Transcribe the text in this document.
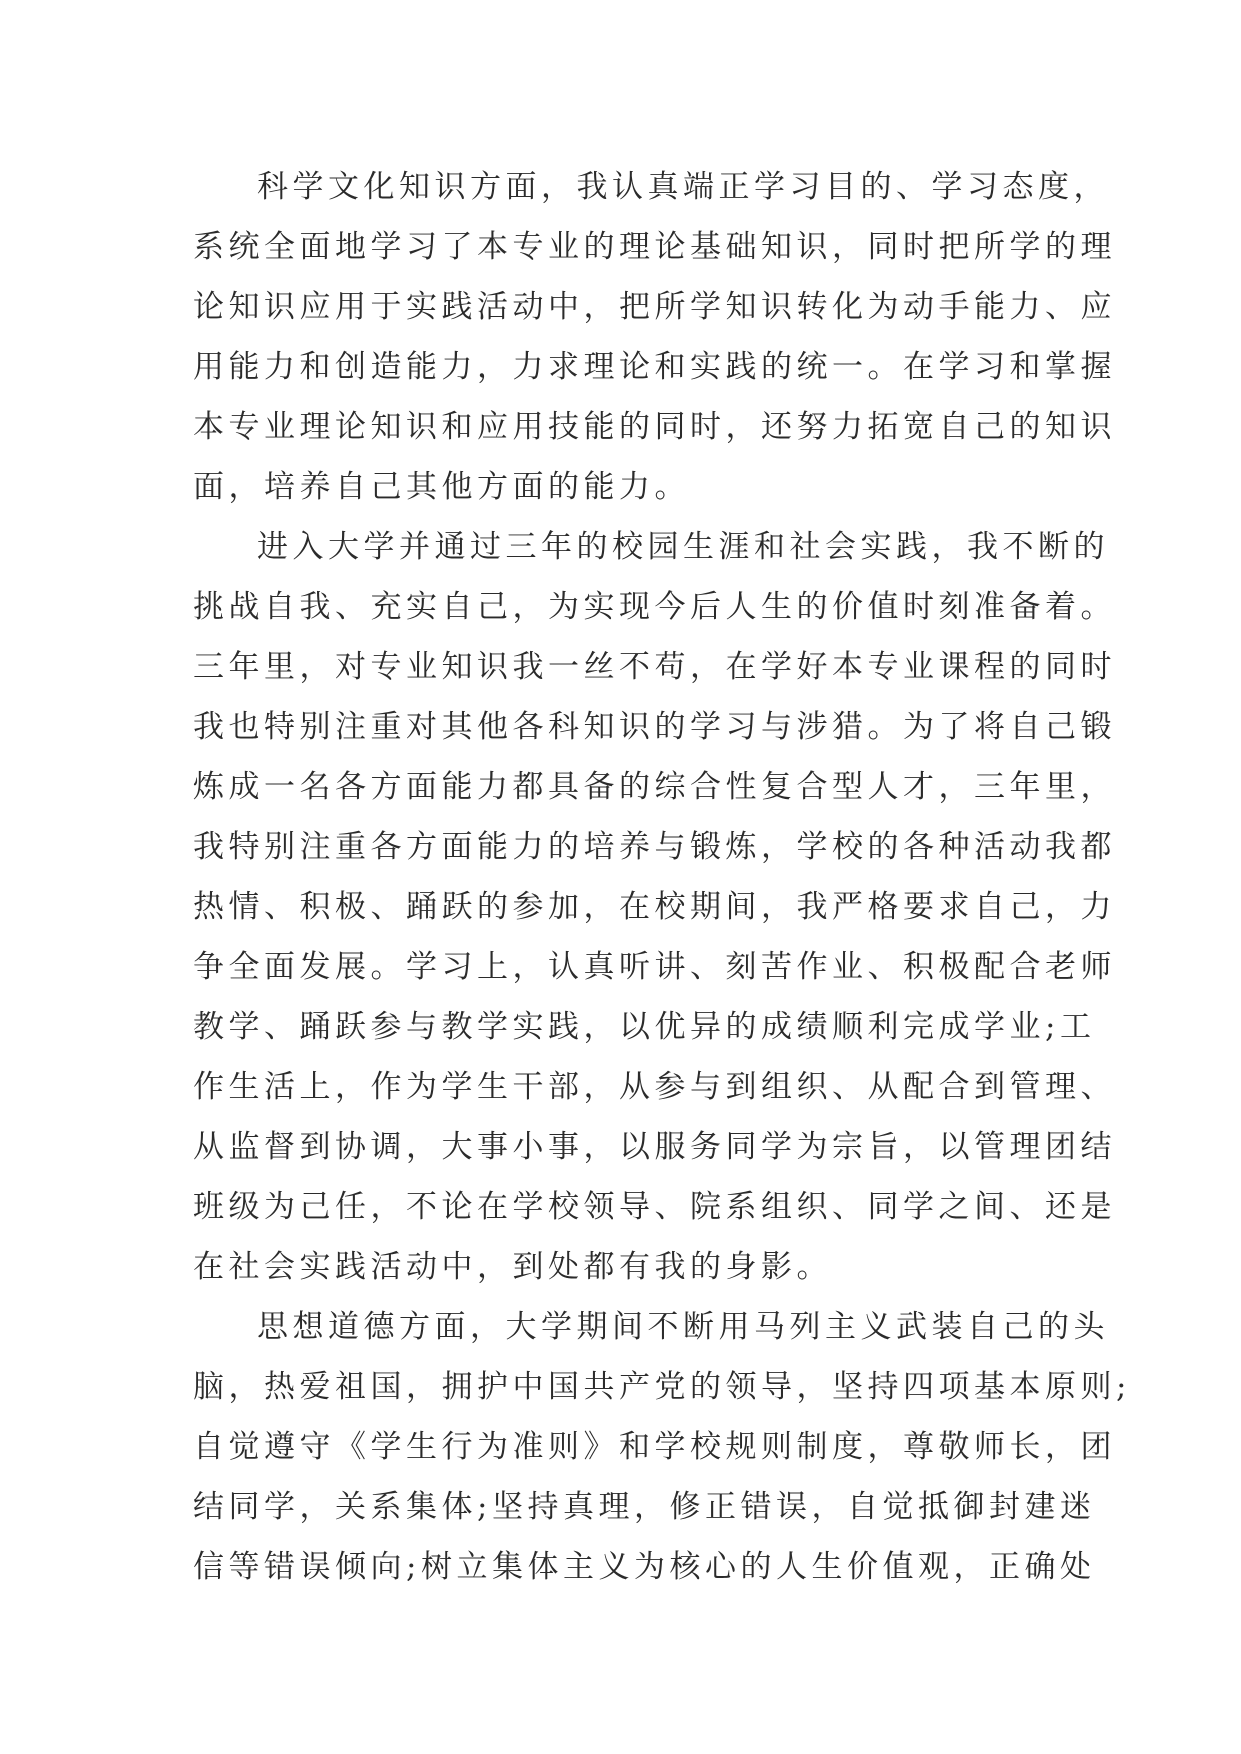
科学文化知识方面，我认真端正学习目的、学习态度，
系统全面地学习了本专业的理论基础知识，同时把所学的理
论知识应用于实践活动中，把所学知识转化为动手能力、应
用能力和创造能力，力求理论和实践的统一。在学习和掌握
本专业理论知识和应用技能的同时，还努力拓宽自己的知识
面，培养自己其他方面的能力。
进入大学并通过三年的校园生涯和社会实践，我不断的
挑战自我、充实自己，为实现今后人生的价值时刻准备着。
三年里，对专业知识我一丝不苟，在学好本专业课程的同时
我也特别注重对其他各科知识的学习与涉猎。为了将自己锻
炼成一名各方面能力都具备的综合性复合型人才，三年里，
我特别注重各方面能力的培养与锻炼，学校的各种活动我都
热情、积极、踊跃的参加，在校期间，我严格要求自己，力
争全面发展。学习上，认真听讲、刻苦作业、积极配合老师
教学、踊跃参与教学实践，以优异的成绩顺利完成学业;工
作生活上，作为学生干部，从参与到组织、从配合到管理、
从监督到协调，大事小事，以服务同学为宗旨，以管理团结
班级为己任，不论在学校领导、院系组织、同学之间、还是
在社会实践活动中，到处都有我的身影。
思想道德方面，大学期间不断用马列主义武装自己的头
脑，热爱祖国，拥护中国共产党的领导，坚持四项基本原则;
自觉遵守《学生行为准则》和学校规则制度，尊敬师长，团
结同学，关系集体;坚持真理，修正错误，自觉抵御封建迷
信等错误倾向;树立集体主义为核心的人生价值观，正确处
